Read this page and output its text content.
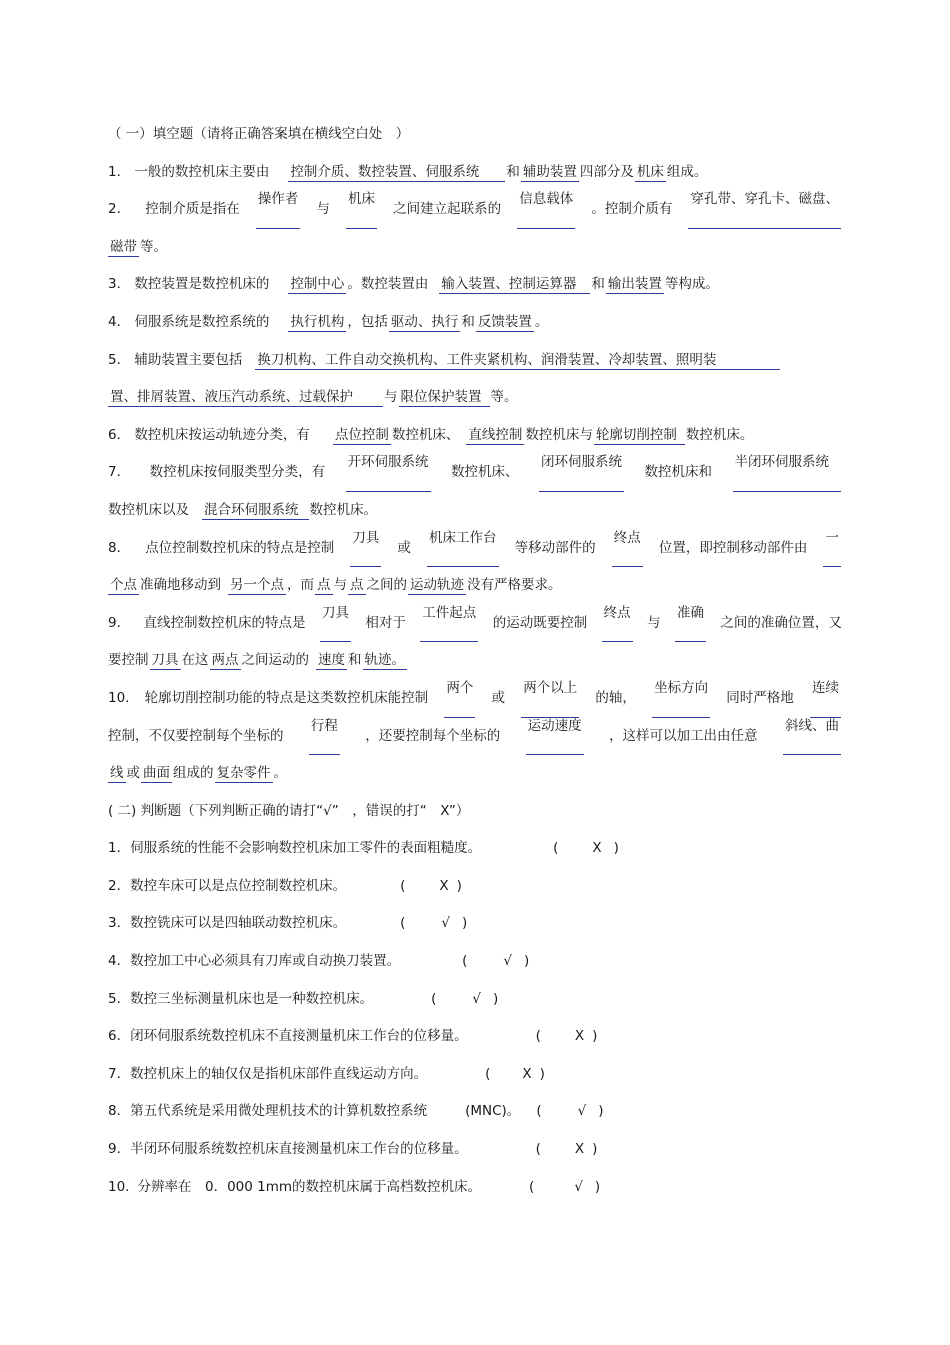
（ 一）填空题（请将正确答案填在横线空白处　）
1． 一般的数控机床主要由 控制介质、数控装置、伺服系统 和 辅助装置 四部分及 机床 组成。
2． 控制介质是指在
操作者
与
机床
之间建立起联系的
信息载体
。控制介质有
穿孔带、穿孔卡、磁盘、
磁带 等。
3． 数控装置是数控机床的 控制中心 。数控装置由 输入装置、控制运算器 和 输出装置 等构成。
4． 伺服系统是数控系统的 执行机构 ，包括 驱动、执行 和 反馈装置 。
5． 辅助装置主要包括 换刀机构、工件自动交换机构、工件夹紧机构、润滑装置、冷却装置、照明装
置、排屑装置、液压汽动系统、过载保护 与 限位保护装置 等。
6． 数控机床按运动轨迹分类，有 点位控制 数控机床、 直线控制 数控机床与 轮廓切削控制 数控机床。
7． 数控机床按伺服类型分类，有
开环伺服系统
数控机床、
闭环伺服系统
数控机床和
半闭环伺服系统
数控机床以及 混合环伺服系统 数控机床。
8． 点位控制数控机床的特点是控制
刀具
或
机床工作台
等移动部件的
终点
位置，即控制移动部件由
一
个点 准确地移动到 另一个点 ，而 点 与 点 之间的 运动轨迹 没有严格要求。
9． 直线控制数控机床的特点是
刀具
相对于
工件起点
的运动既要控制
终点
与
准确
之间的准确位置，又
要控制 刀具 在这 两点 之间运动的 速度 和 轨迹。
10. 轮廓切削控制功能的特点是这类数控机床能控制
两个
或
两个以上
的轴，
坐标方向
同时严格地
连续
控制，不仅要控制每个坐标的
行程
，还要控制每个坐标的
运动速度
，这样可以加工出由任意
斜线、曲
线 或 曲面 组成的 复杂零件 。
( 二) 判断题（下列判断正确的请打“√”　，错误的打“　X”）
1．伺服系统的性能不会影响数控机床加工零件的表面粗糙度。	(	X )
2．数控车床可以是点位控制数控机床。	(	X )
3．数控铣床可以是四轴联动数控机床。	(	√ )
4．数控加工中心必须具有刀库或自动换刀装置。	(	√ )
5．数控三坐标测量机床也是一种数控机床。	(	√ )
6．闭环伺服系统数控机床不直接测量机床工作台的位移量。	(	X )
7．数控机床上的轴仅仅是指机床部件直线运动方向。	( X )
8．第五代系统是采用微处理机技术的计算机数控系统	(MNC)。 (	√ )
9．半闭环伺服系统数控机床直接测量机床工作台的位移量。	(	X )
10. 分辨率在　0．000 1mm的数控机床属于高档数控机床。	(	√ )
